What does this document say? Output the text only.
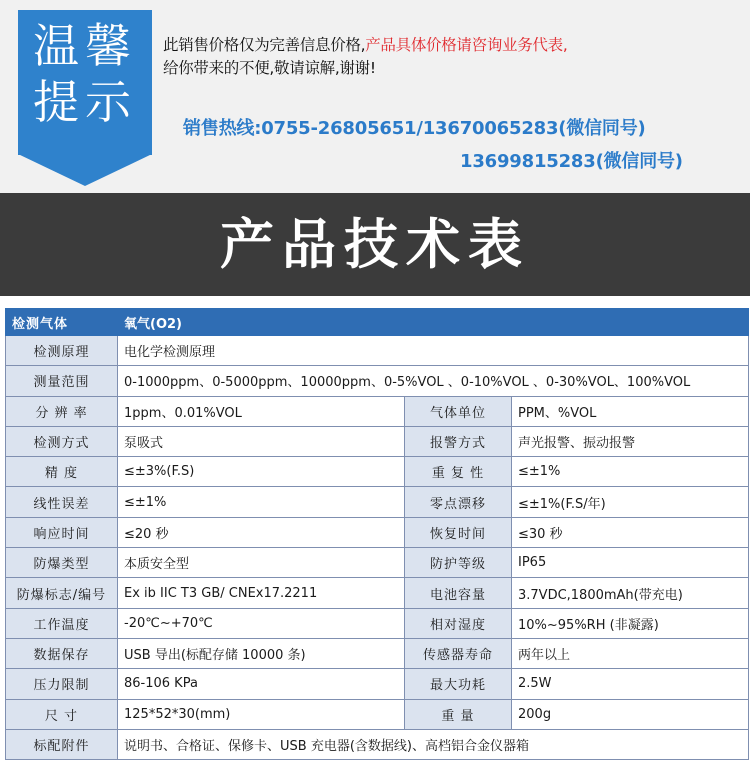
温馨
提示
此销售价格仅为完善信息价格,产品具体价格请咨询业务代表,
给你带来的不便,敬请谅解,谢谢!
销售热线:0755-26805651/13670065283(微信同号)
13699815283(微信同号)
产品技术表
检测气体	氧气(O2)		
检测原理	电化学检测原理		
测量范围	0-1000ppm、0-5000ppm、10000ppm、0-5%VOL 、0-10%VOL 、0-30%VOL、100%VOL		
分 辨 率	1ppm、0.01%VOL	气体单位	PPM、%VOL
检测方式	泵吸式	报警方式	声光报警、振动报警
精 度	≤±3%(F.S)	重 复 性	≤±1%
线性误差	≤±1%	零点漂移	≤±1%(F.S/年)
响应时间	≤20 秒	恢复时间	≤30 秒
防爆类型	本质安全型	防护等级	IP65
防爆标志/编号	Ex ib IIC T3 GB/ CNEx17.2211	电池容量	3.7VDC,1800mAh(带充电)
工作温度	-20℃~+70℃	相对湿度	10%~95%RH (非凝露)
数据保存	USB 导出(标配存储 10000 条)	传感器寿命	两年以上
压力限制	86-106 KPa	最大功耗	2.5W
尺 寸	125*52*30(mm)	重 量	200g
标配附件	说明书、合格证、保修卡、USB 充电器(含数据线)、高档铝合金仪器箱		
